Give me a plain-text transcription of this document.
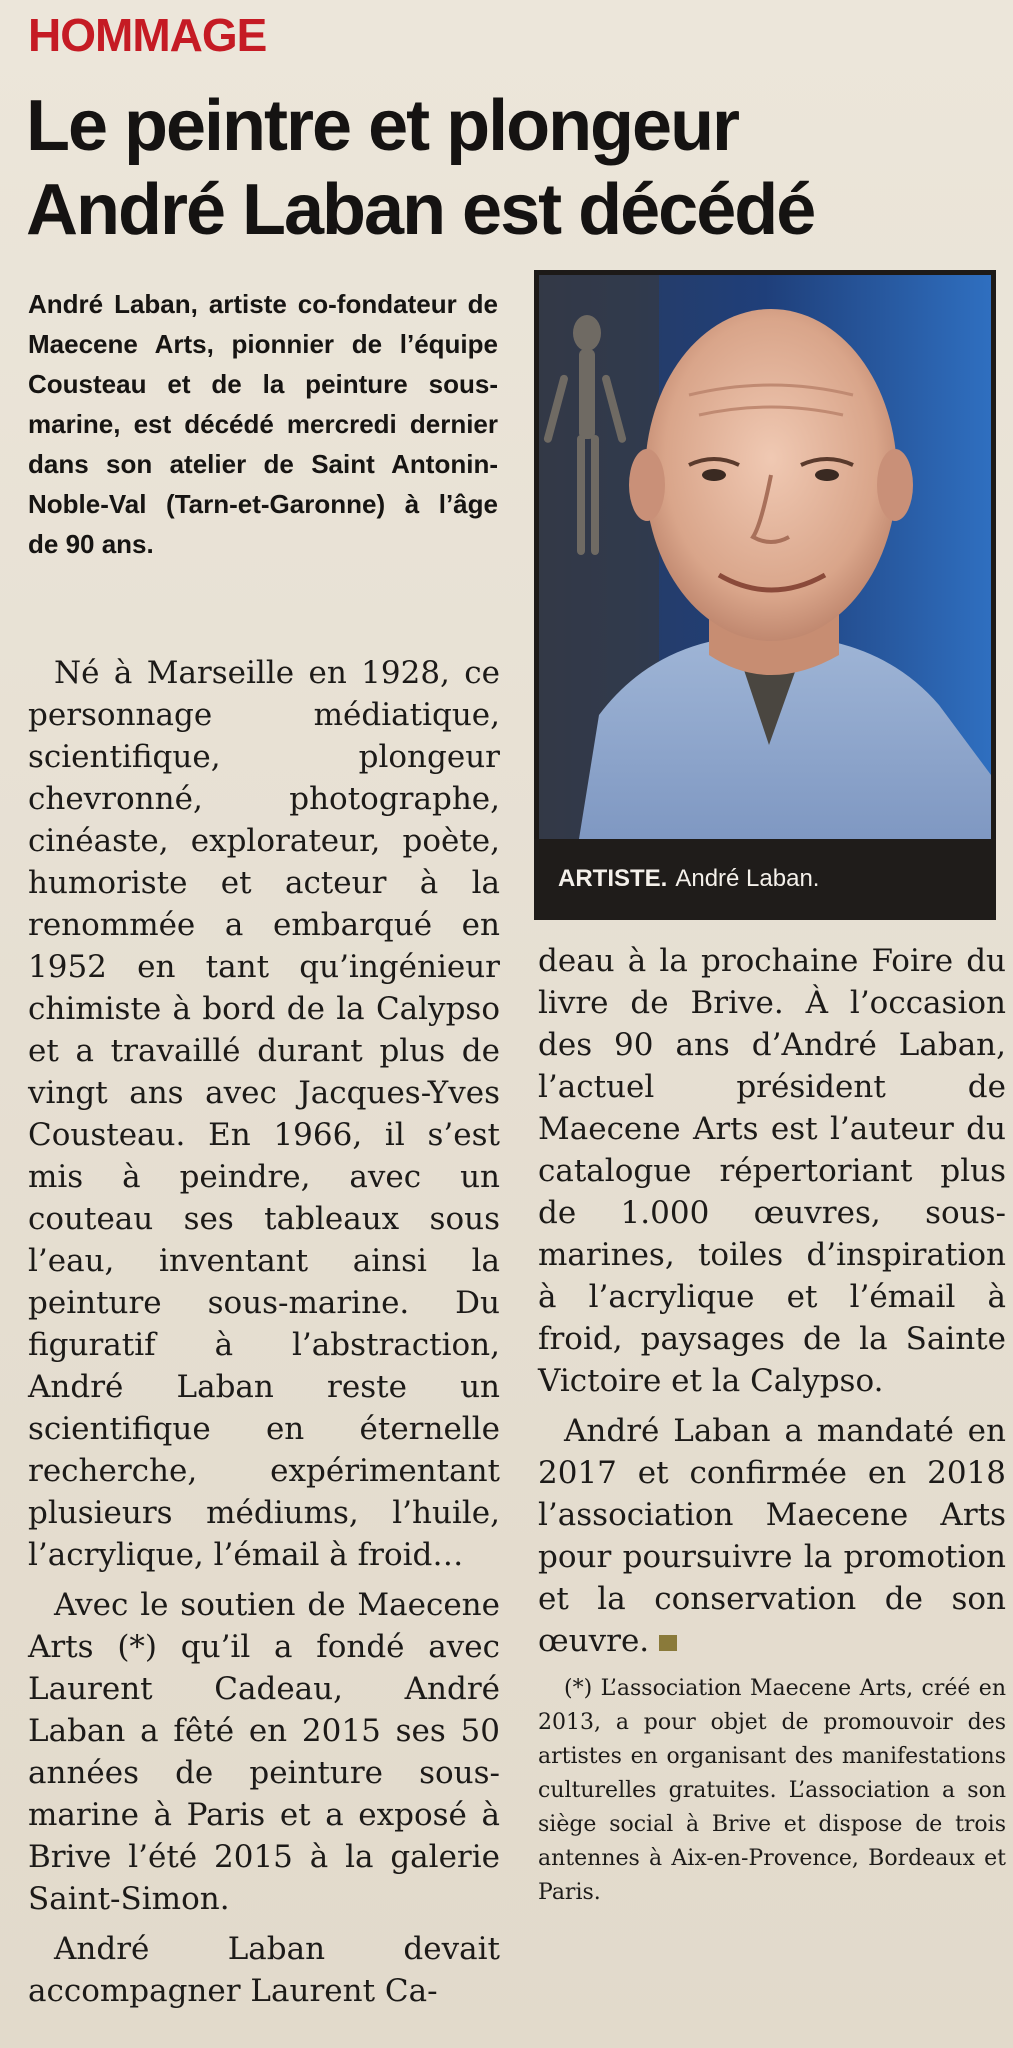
HOMMAGE
Le peintre et plongeur
André Laban est décédé

André Laban, artiste co-fondateur de Maecene Arts, pionnier de l’équipe Cousteau et de la peinture sous-marine, est décédé mercredi dernier dans son atelier de Saint Antonin-Noble-Val (Tarn-et-Garonne) à l’âge de 90 ans.

ARTISTE. André Laban.

Né à Marseille en 1928, ce personnage médiatique, scientifique, plongeur chevronné, photographe, cinéaste, explorateur, poète, humoriste et acteur à la renommée a embarqué en 1952 en tant qu’ingénieur chimiste à bord de la Calypso et a travaillé durant plus de vingt ans avec Jacques-Yves Cousteau. En 1966, il s’est mis à peindre, avec un couteau ses tableaux sous l’eau, inventant ainsi la peinture sous-marine. Du figuratif à l’abstraction, André Laban reste un scientifique en éternelle recherche, expérimentant plusieurs médiums, l’huile, l’acrylique, l’émail à froid…

Avec le soutien de Maecene Arts (*) qu’il a fondé avec Laurent Cadeau, André Laban a fêté en 2015 ses 50 années de peinture sous-marine à Paris et a exposé à Brive l’été 2015 à la galerie Saint-Simon.

André Laban devait accompagner Laurent Ca-

deau à la prochaine Foire du livre de Brive. À l’occasion des 90 ans d’André Laban, l’actuel président de Maecene Arts est l’auteur du catalogue répertoriant plus de 1.000 œuvres, sous-marines, toiles d’inspiration à l’acrylique et l’émail à froid, paysages de la Sainte Victoire et la Calypso.

André Laban a mandaté en 2017 et confirmée en 2018 l’association Maecene Arts pour poursuivre la promotion et la conservation de son œuvre.

(*) L’association Maecene Arts, créé en 2013, a pour objet de promouvoir des artistes en organisant des manifestations culturelles gratuites. L’association a son siège social à Brive et dispose de trois antennes à Aix-en-Provence, Bordeaux et Paris.
